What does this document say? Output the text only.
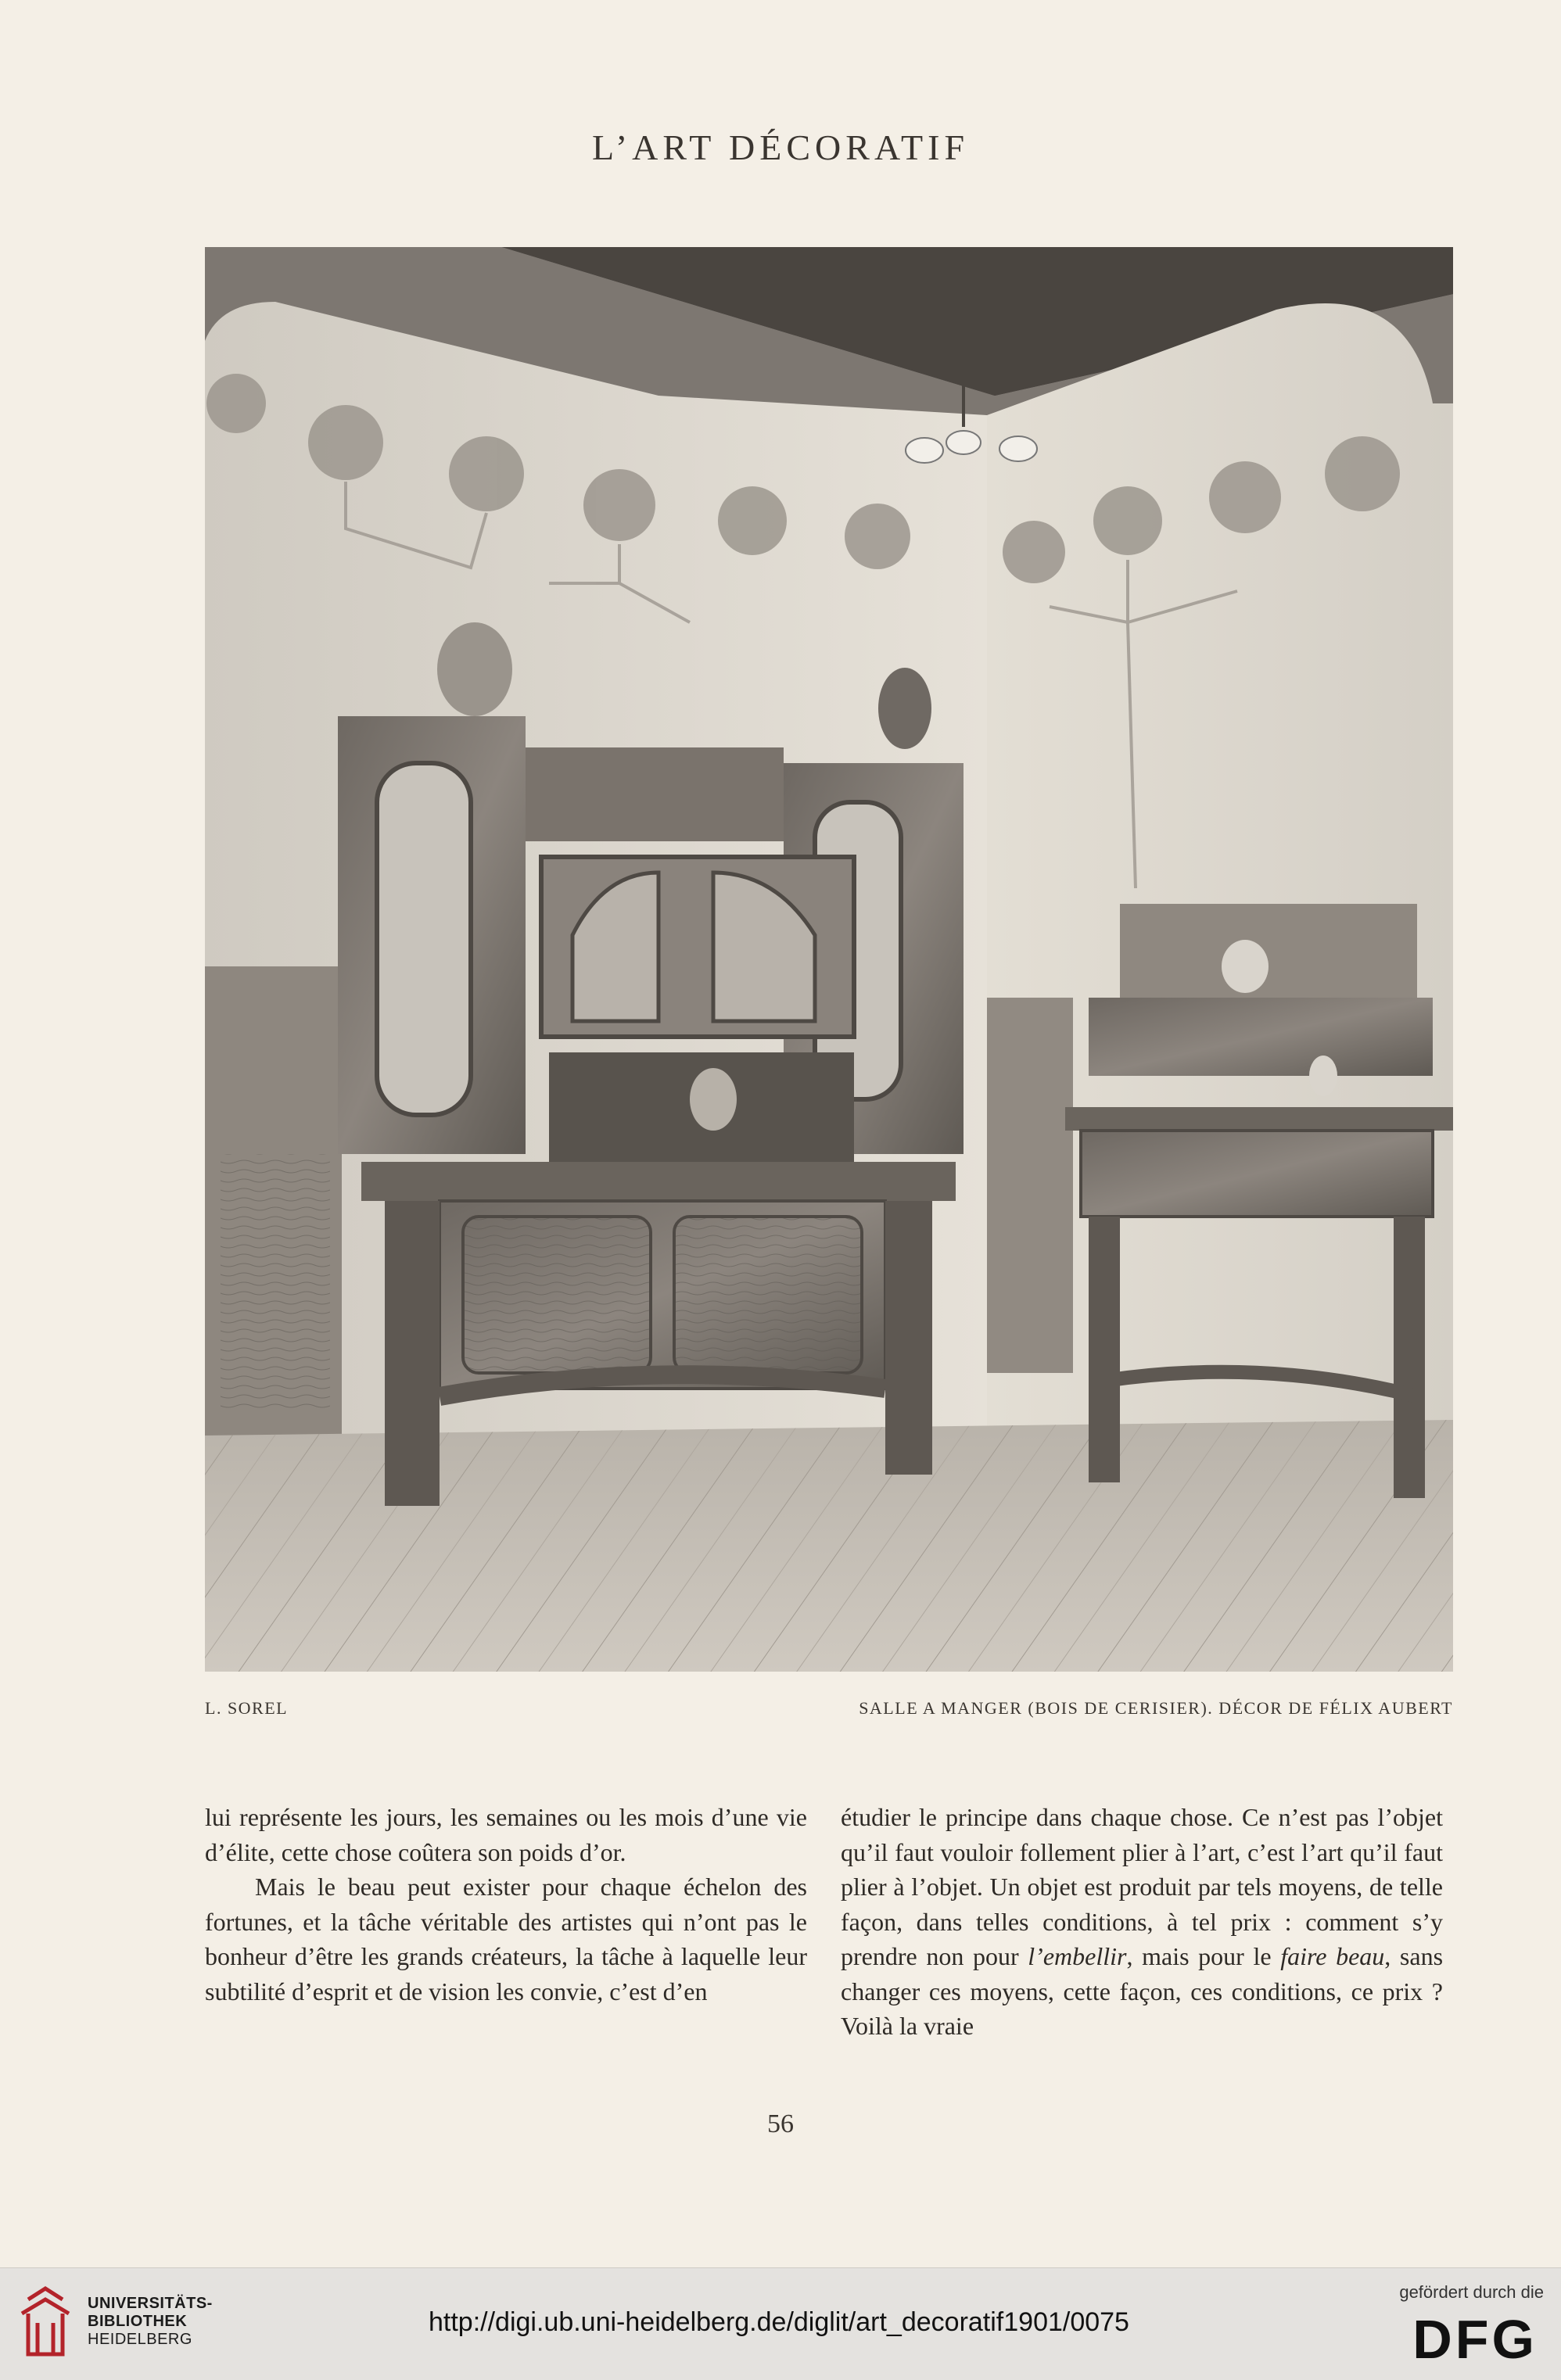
L’ART DÉCORATIF
L. SOREL	SALLE A MANGER (BOIS DE CERISIER). DÉCOR DE FÉLIX AUBERT

lui représente les jours, les semaines ou les mois d’une vie d’élite, cette chose coûtera son poids d’or.

Mais le beau peut exister pour chaque échelon des fortunes, et la tâche véritable des artistes qui n’ont pas le bonheur d’être les grands créateurs, la tâche à laquelle leur subtilité d’esprit et de vision les convie, c’est d’en

étudier le principe dans chaque chose. Ce n’est pas l’objet qu’il faut vouloir follement plier à l’art, c’est l’art qu’il faut plier à l’objet. Un objet est produit par tels moyens, de telle façon, dans telles conditions, à tel prix : comment s’y prendre non pour l’embellir, mais pour le faire beau, sans changer ces moyens, cette façon, ces conditions, ce prix ? Voilà la vraie

56
UNIVERSITÄTS-
BIBLIOTHEK
HEIDELBERG
http://digi.ub.uni-heidelberg.de/diglit/art_decoratif1901/0075
gefördert durch die
DFG
